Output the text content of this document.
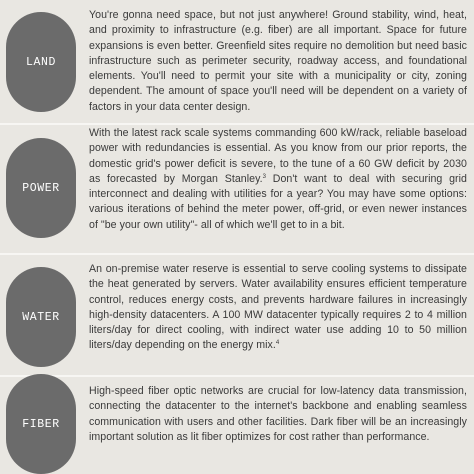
LAND

You're gonna need space, but not just anywhere! Ground stability, wind, heat, and proximity to infrastructure (e.g. fiber) are all important. Space for future expansions is even better. Greenfield sites require no demolition but need basic infrastructure such as perimeter security, roadway access, and foundational elements. You'll need to permit your site with a municipality or city, zoning dependent. The amount of space you'll need will be dependent on a variety of factors in your data center design.

POWER

With the latest rack scale systems commanding 600 kW/rack, reliable baseload power with redundancies is essential. As you know from our prior reports, the domestic grid's power deficit is severe, to the tune of a 60 GW deficit by 2030 as forecasted by Morgan Stanley.$^3$ Don't want to deal with securing grid interconnect and dealing with utilities for a year? You may have some options: various iterations of behind the meter power, off-grid, or even newer instances of "be your own utility"- all of which we'll get to in a bit.

WATER

An on-premise water reserve is essential to serve cooling systems to dissipate the heat generated by servers. Water availability ensures efficient temperature control, reduces energy costs, and prevents hardware failures in increasingly high-density datacenters. A 100 MW datacenter typically requires 2 to 4 million liters/day for direct cooling, with indirect water use adding 10 to 50 million liters/day depending on the energy mix.$^4$

FIBER

High-speed fiber optic networks are crucial for low-latency data transmission, connecting the datacenter to the internet's backbone and enabling seamless communication with users and other facilities. Dark fiber will be an increasingly important solution as lit fiber optimizes for cost rather than performance.
